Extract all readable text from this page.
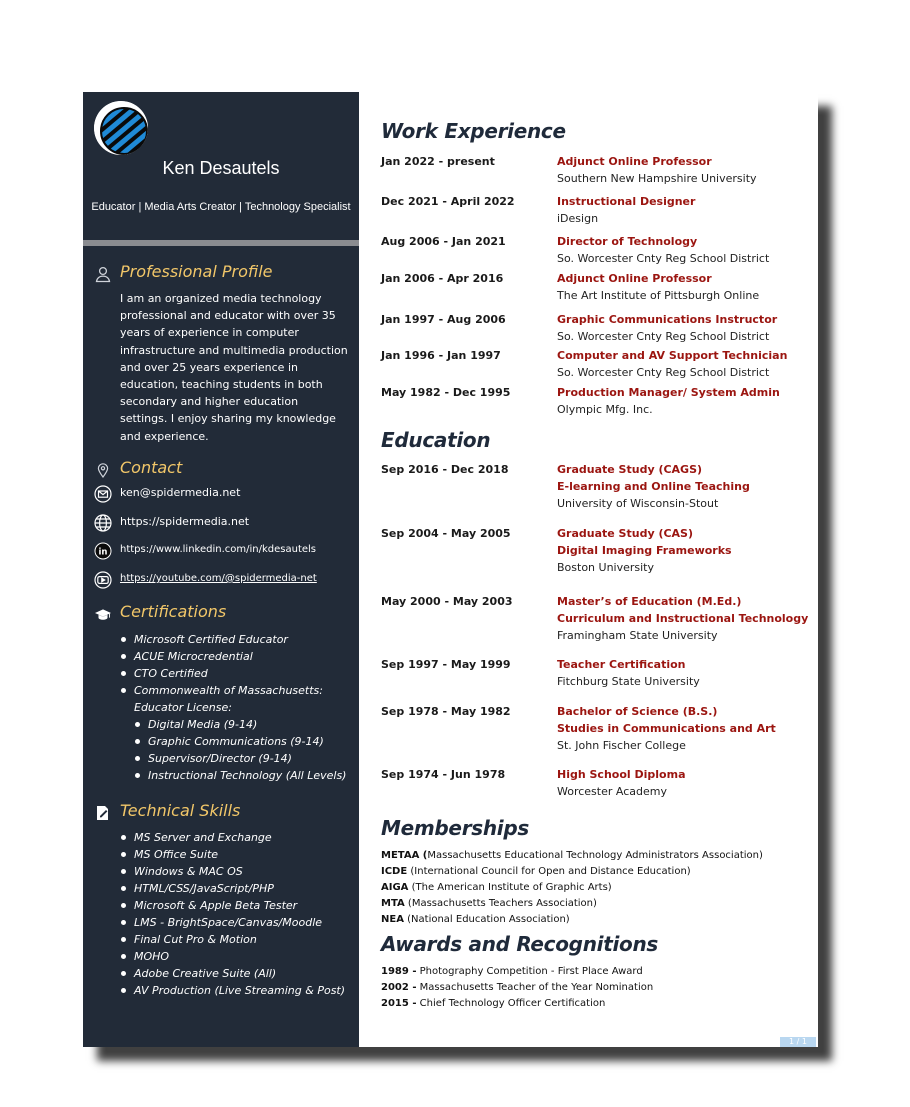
Ken Desautels
Educator | Media Arts Creator | Technology Specialist
Professional Profile
I am an organized media technology professional and educator with over 35 years of experience in computer infrastructure and multimedia production and over 25 years experience in education, teaching students in both secondary and higher education settings. I enjoy sharing my knowledge and experience.
Contact
ken@spidermedia.net
https://spidermedia.net
in https://www.linkedin.com/in/kdesautels
https://youtube.com/@spidermedia-net
Certifications
Microsoft Certified Educator
ACUE Microcredential
CTO Certified
Commonwealth of Massachusetts:
Educator License:
Digital Media (9-14)
Graphic Communications (9-14)
Supervisor/Director (9-14)
Instructional Technology (All Levels)
Technical Skills
MS Server and Exchange
MS Office Suite
Windows & MAC OS
HTML/CSS/JavaScript/PHP
Microsoft & Apple Beta Tester
LMS - BrightSpace/Canvas/Moodle
Final Cut Pro & Motion
MOHO
Adobe Creative Suite (All)
AV Production (Live Streaming & Post)
Work Experience
Jan 2022 - present	Adjunct Online Professor
Southern New Hampshire University
Dec 2021 - April 2022	Instructional Designer
iDesign
Aug 2006 - Jan 2021	Director of Technology
So. Worcester Cnty Reg School District
Jan 2006 - Apr 2016	Adjunct Online Professor
The Art Institute of Pittsburgh Online
Jan 1997 - Aug 2006	Graphic Communications Instructor
So. Worcester Cnty Reg School District
Jan 1996 - Jan 1997	Computer and AV Support Technician
So. Worcester Cnty Reg School District
May 1982 - Dec 1995	Production Manager/ System Admin
Olympic Mfg. Inc.
Education
Sep 2016 - Dec 2018	Graduate Study (CAGS)
E-learning and Online Teaching
University of Wisconsin-Stout
Sep 2004 - May 2005	Graduate Study (CAS)
Digital Imaging Frameworks
Boston University
May 2000 - May 2003	Master’s of Education (M.Ed.)
Curriculum and Instructional Technology
Framingham State University
Sep 1997 - May 1999	Teacher Certification
Fitchburg State University
Sep 1978 - May 1982	Bachelor of Science (B.S.)
Studies in Communications and Art
St. John Fischer College
Sep 1974 - Jun 1978	High School Diploma
Worcester Academy
Memberships
METAA (Massachusetts Educational Technology Administrators Association)
ICDE (International Council for Open and Distance Education)
AIGA (The American Institute of Graphic Arts)
MTA (Massachusetts Teachers Association)
NEA (National Education Association)
Awards and Recognitions
1989 - Photography Competition - First Place Award
2002 - Massachusetts Teacher of the Year Nomination
2015 - Chief Technology Officer Certification
1 / 1
